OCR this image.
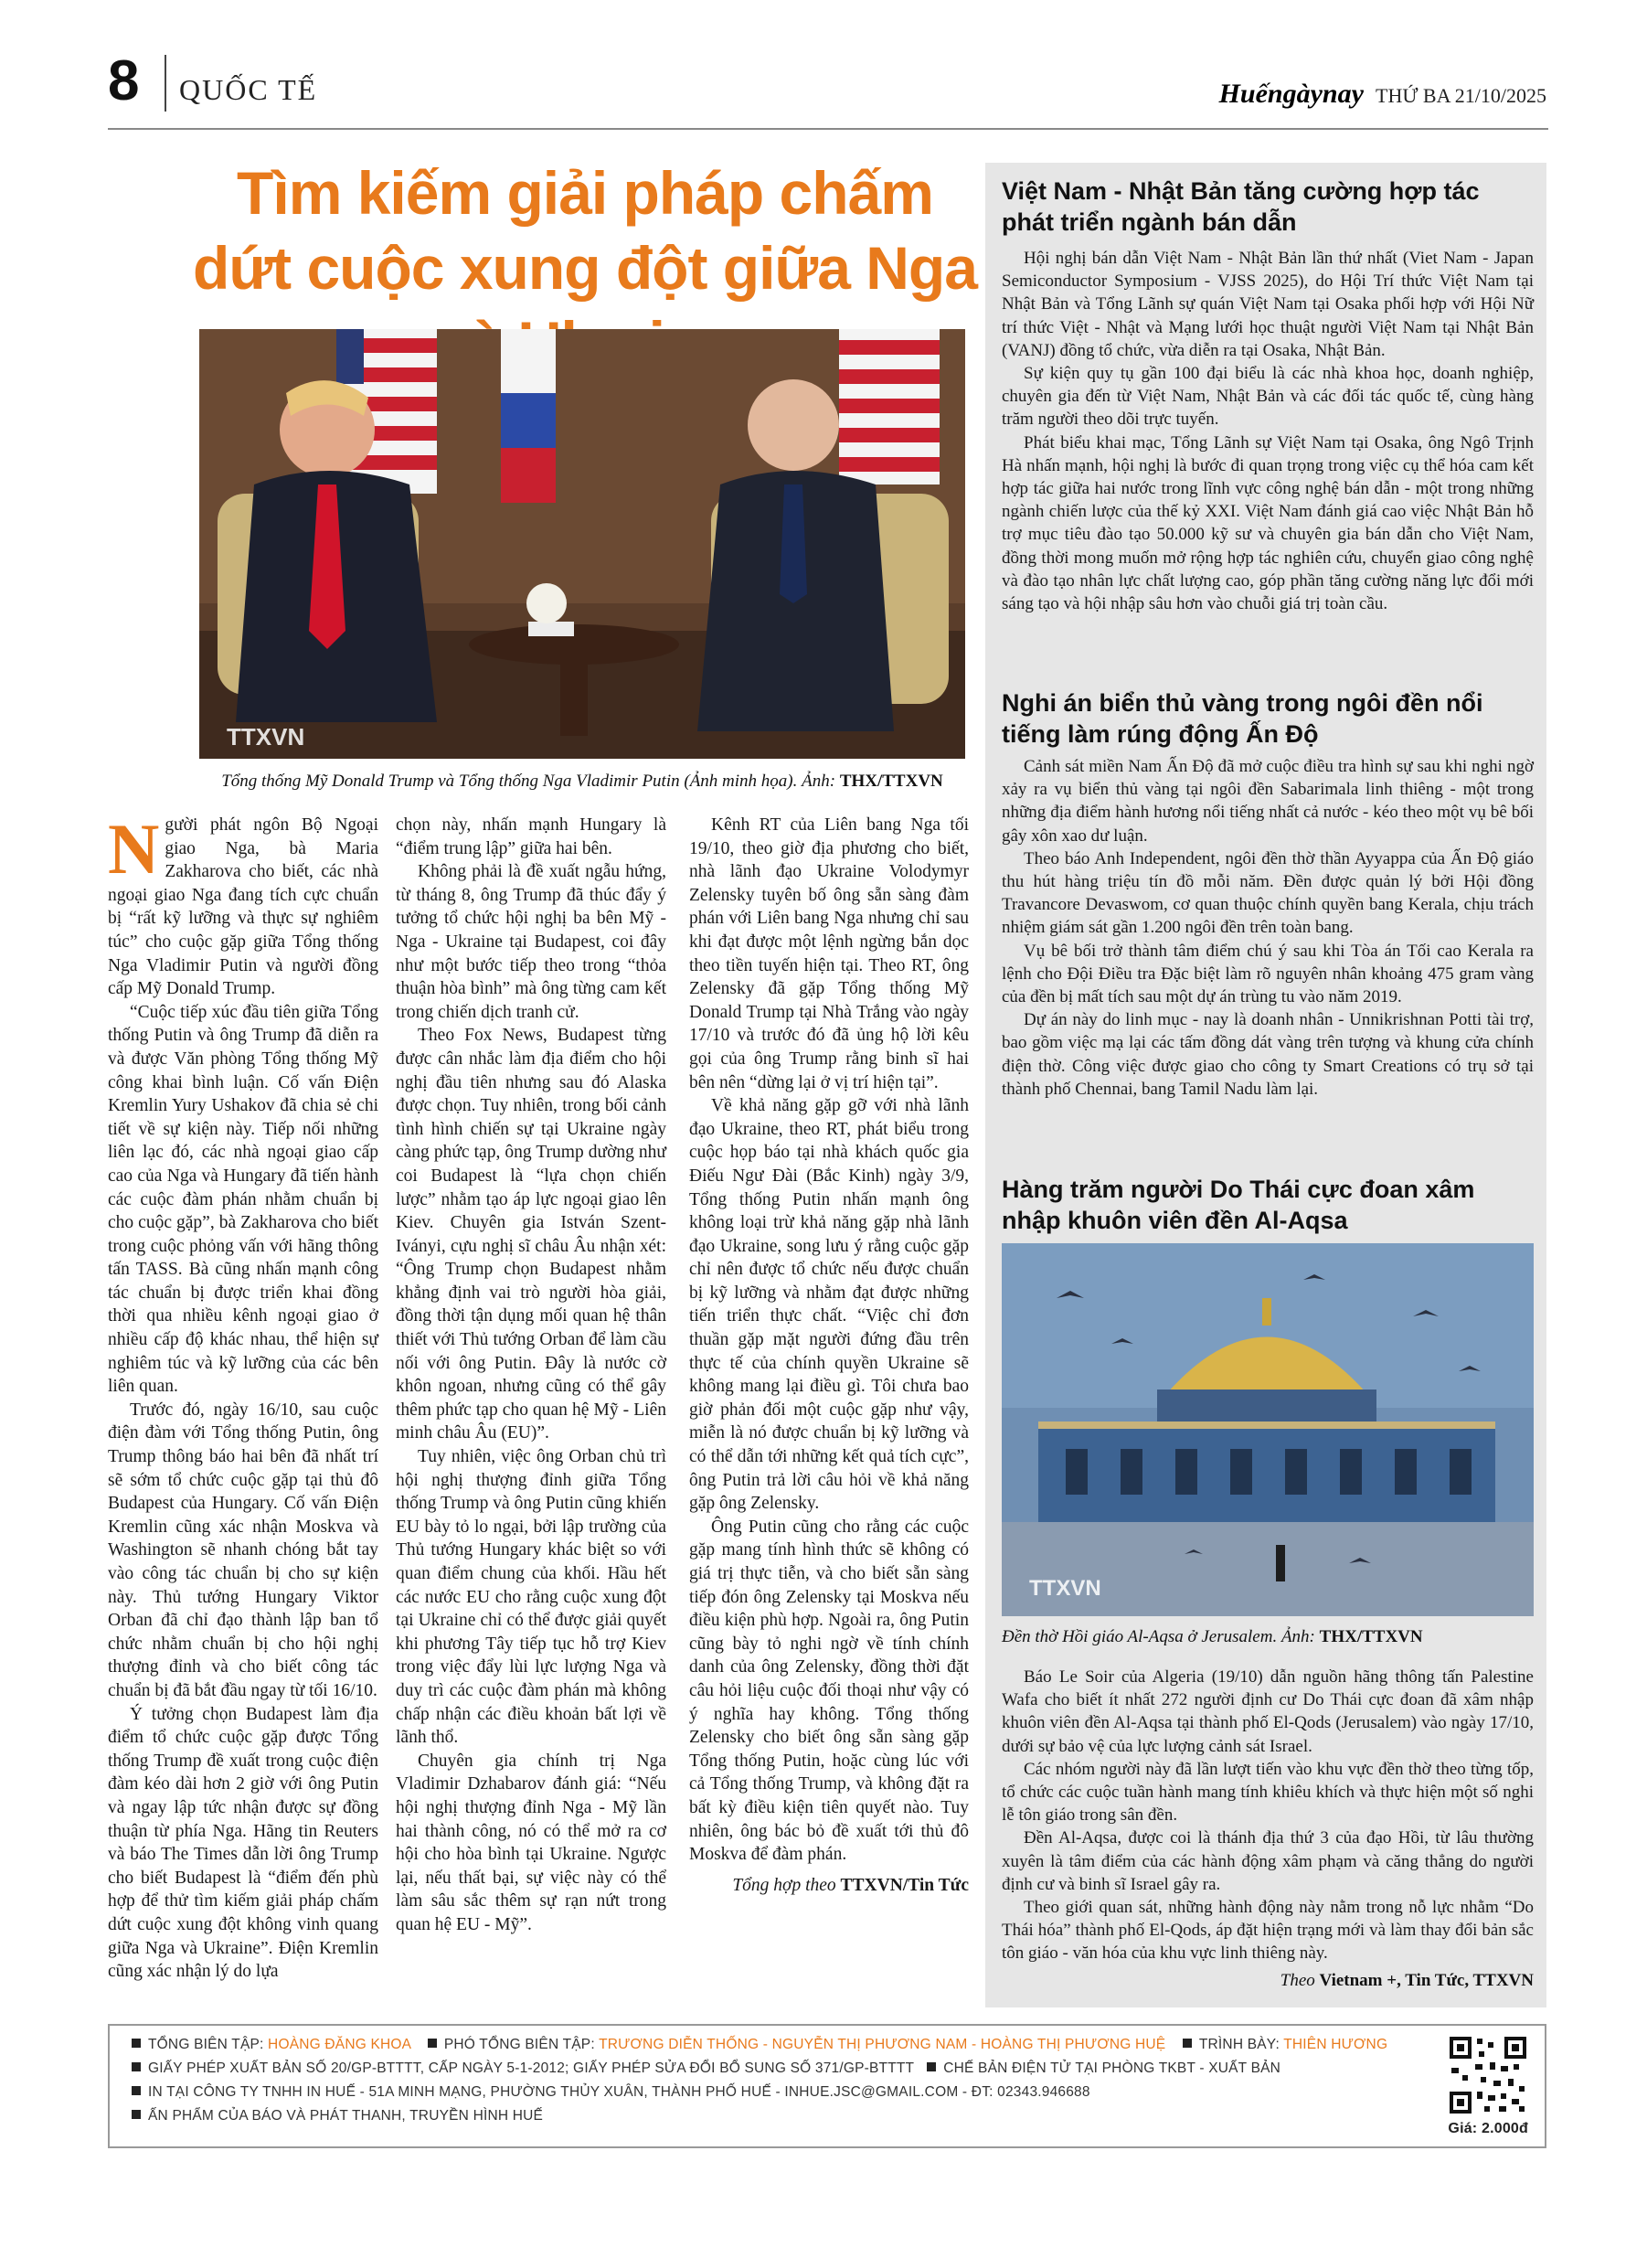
8 QUỐC TẾ	Huếngàynay THỨ BA 21/10/2025
Tìm kiếm giải pháp chấm dứt cuộc xung đột giữa Nga
TTXVN
Tổng thống Mỹ Donald Trump và Tổng thống Nga Vladimir Putin (Ảnh minh họa). Ảnh: THX/TTXVN

Người phát ngôn Bộ Ngoại giao Nga, bà Maria Zakharova cho biết, các nhà ngoại giao Nga đang tích cực chuẩn bị “rất kỹ lưỡng và thực sự nghiêm túc” cho cuộc gặp giữa Tổng thống Nga Vladimir Putin và người đồng cấp Mỹ Donald Trump.

“Cuộc tiếp xúc đầu tiên giữa Tổng thống Putin và ông Trump đã diễn ra và được Văn phòng Tổng thống Mỹ công khai bình luận. Cố vấn Điện Kremlin Yury Ushakov đã chia sẻ chi tiết về sự kiện này. Tiếp nối những liên lạc đó, các nhà ngoại giao cấp cao của Nga và Hungary đã tiến hành các cuộc đàm phán nhằm chuẩn bị cho cuộc gặp”, bà Zakharova cho biết trong cuộc phỏng vấn với hãng thông tấn TASS. Bà cũng nhấn mạnh công tác chuẩn bị được triển khai đồng thời qua nhiều kênh ngoại giao ở nhiều cấp độ khác nhau, thể hiện sự nghiêm túc và kỹ lưỡng của các bên liên quan.

Trước đó, ngày 16/10, sau cuộc điện đàm với Tổng thống Putin, ông Trump thông báo hai bên đã nhất trí sẽ sớm tổ chức cuộc gặp tại thủ đô Budapest của Hungary. Cố vấn Điện Kremlin cũng xác nhận Moskva và Washington sẽ nhanh chóng bắt tay vào công tác chuẩn bị cho sự kiện này. Thủ tướng Hungary Viktor Orban đã chỉ đạo thành lập ban tổ chức nhằm chuẩn bị cho hội nghị thượng đỉnh và cho biết công tác chuẩn bị đã bắt đầu ngay từ tối 16/10.

Ý tưởng chọn Budapest làm địa điểm tổ chức cuộc gặp được Tổng thống Trump đề xuất trong cuộc điện đàm kéo dài hơn 2 giờ với ông Putin và ngay lập tức nhận được sự đồng thuận từ phía Nga. Hãng tin Reuters và báo The Times dẫn lời ông Trump cho biết Budapest là “điểm đến phù hợp để thử tìm kiếm giải pháp chấm dứt cuộc xung đột không vinh quang giữa Nga và Ukraine”. Điện Kremlin cũng xác nhận lý do lựa

chọn này, nhấn mạnh Hungary là “điểm trung lập” giữa hai bên.

Không phải là đề xuất ngẫu hứng, từ tháng 8, ông Trump đã thúc đẩy ý tưởng tổ chức hội nghị ba bên Mỹ - Nga - Ukraine tại Budapest, coi đây như một bước tiếp theo trong “thỏa thuận hòa bình” mà ông từng cam kết trong chiến dịch tranh cử.

Theo Fox News, Budapest từng được cân nhắc làm địa điểm cho hội nghị đầu tiên nhưng sau đó Alaska được chọn. Tuy nhiên, trong bối cảnh tình hình chiến sự tại Ukraine ngày càng phức tạp, ông Trump dường như coi Budapest là “lựa chọn chiến lược” nhằm tạo áp lực ngoại giao lên Kiev. Chuyên gia István Szent-Iványi, cựu nghị sĩ châu Âu nhận xét: “Ông Trump chọn Budapest nhằm khẳng định vai trò người hòa giải, đồng thời tận dụng mối quan hệ thân thiết với Thủ tướng Orban để làm cầu nối với ông Putin. Đây là nước cờ khôn ngoan, nhưng cũng có thể gây thêm phức tạp cho quan hệ Mỹ - Liên minh châu Âu (EU)”.

Tuy nhiên, việc ông Orban chủ trì hội nghị thượng đỉnh giữa Tổng thống Trump và ông Putin cũng khiến EU bày tỏ lo ngại, bởi lập trường của Thủ tướng Hungary khác biệt so với quan điểm chung của khối. Hầu hết các nước EU cho rằng cuộc xung đột tại Ukraine chỉ có thể được giải quyết khi phương Tây tiếp tục hỗ trợ Kiev trong việc đẩy lùi lực lượng Nga và duy trì các cuộc đàm phán mà không chấp nhận các điều khoản bất lợi về lãnh thổ.

Chuyên gia chính trị Nga Vladimir Dzhabarov đánh giá: “Nếu hội nghị thượng đỉnh Nga - Mỹ lần hai thành công, nó có thể mở ra cơ hội cho hòa bình tại Ukraine. Ngược lại, nếu thất bại, sự việc này có thể làm sâu sắc thêm sự rạn nứt trong quan hệ EU - Mỹ”.

Kênh RT của Liên bang Nga tối 19/10, theo giờ địa phương cho biết, nhà lãnh đạo Ukraine Volodymyr Zelensky tuyên bố ông sẵn sàng đàm phán với Liên bang Nga nhưng chỉ sau khi đạt được một lệnh ngừng bắn dọc theo tiền tuyến hiện tại. Theo RT, ông Zelensky đã gặp Tổng thống Mỹ Donald Trump tại Nhà Trắng vào ngày 17/10 và trước đó đã ủng hộ lời kêu gọi của ông Trump rằng binh sĩ hai bên nên “dừng lại ở vị trí hiện tại”.

Về khả năng gặp gỡ với nhà lãnh đạo Ukraine, theo RT, phát biểu trong cuộc họp báo tại nhà khách quốc gia Điếu Ngư Đài (Bắc Kinh) ngày 3/9, Tổng thống Putin nhấn mạnh ông không loại trừ khả năng gặp nhà lãnh đạo Ukraine, song lưu ý rằng cuộc gặp chỉ nên được tổ chức nếu được chuẩn bị kỹ lưỡng và nhằm đạt được những tiến triển thực chất. “Việc chỉ đơn thuần gặp mặt người đứng đầu trên thực tế của chính quyền Ukraine sẽ không mang lại điều gì. Tôi chưa bao giờ phản đối một cuộc gặp như vậy, miễn là nó được chuẩn bị kỹ lưỡng và có thể dẫn tới những kết quả tích cực”, ông Putin trả lời câu hỏi về khả năng gặp ông Zelensky.

Ông Putin cũng cho rằng các cuộc gặp mang tính hình thức sẽ không có giá trị thực tiễn, và cho biết sẵn sàng tiếp đón ông Zelensky tại Moskva nếu điều kiện phù hợp. Ngoài ra, ông Putin cũng bày tỏ nghi ngờ về tính chính danh của ông Zelensky, đồng thời đặt câu hỏi liệu cuộc đối thoại như vậy có ý nghĩa hay không. Tổng thống Zelensky cho biết ông sẵn sàng gặp Tổng thống Putin, hoặc cùng lúc với cả Tổng thống Trump, và không đặt ra bất kỳ điều kiện tiên quyết nào. Tuy nhiên, ông bác bỏ đề xuất tới thủ đô Moskva để đàm phán.

Tổng hợp theo TTXVN/Tin Tức

Việt Nam - Nhật Bản tăng cường hợp tác phát triển ngành bán dẫn

Hội nghị bán dẫn Việt Nam - Nhật Bản lần thứ nhất (Viet Nam - Japan Semiconductor Symposium - VJSS 2025), do Hội Trí thức Việt Nam tại Nhật Bản và Tổng Lãnh sự quán Việt Nam tại Osaka phối hợp với Hội Nữ trí thức Việt - Nhật và Mạng lưới học thuật người Việt Nam tại Nhật Bản (VANJ) đồng tổ chức, vừa diễn ra tại Osaka, Nhật Bản.

Sự kiện quy tụ gần 100 đại biểu là các nhà khoa học, doanh nghiệp, chuyên gia đến từ Việt Nam, Nhật Bản và các đối tác quốc tế, cùng hàng trăm người theo dõi trực tuyến.

Phát biểu khai mạc, Tổng Lãnh sự Việt Nam tại Osaka, ông Ngô Trịnh Hà nhấn mạnh, hội nghị là bước đi quan trọng trong việc cụ thể hóa cam kết hợp tác giữa hai nước trong lĩnh vực công nghệ bán dẫn - một trong những ngành chiến lược của thế kỷ XXI. Việt Nam đánh giá cao việc Nhật Bản hỗ trợ mục tiêu đào tạo 50.000 kỹ sư và chuyên gia bán dẫn cho Việt Nam, đồng thời mong muốn mở rộng hợp tác nghiên cứu, chuyển giao công nghệ và đào tạo nhân lực chất lượng cao, góp phần tăng cường năng lực đổi mới sáng tạo và hội nhập sâu hơn vào chuỗi giá trị toàn cầu.

Nghi án biển thủ vàng trong ngôi đền nổi tiếng làm rúng động Ấn Độ

Cảnh sát miền Nam Ấn Độ đã mở cuộc điều tra hình sự sau khi nghi ngờ xảy ra vụ biển thủ vàng tại ngôi đền Sabarimala linh thiêng - một trong những địa điểm hành hương nổi tiếng nhất cả nước - kéo theo một vụ bê bối gây xôn xao dư luận.

Theo báo Anh Independent, ngôi đền thờ thần Ayyappa của Ấn Độ giáo thu hút hàng triệu tín đồ mỗi năm. Đền được quản lý bởi Hội đồng Travancore Devaswom, cơ quan thuộc chính quyền bang Kerala, chịu trách nhiệm giám sát gần 1.200 ngôi đền trên toàn bang.

Vụ bê bối trở thành tâm điểm chú ý sau khi Tòa án Tối cao Kerala ra lệnh cho Đội Điều tra Đặc biệt làm rõ nguyên nhân khoảng 475 gram vàng của đền bị mất tích sau một dự án trùng tu vào năm 2019.

Dự án này do linh mục - nay là doanh nhân - Unnikrishnan Potti tài trợ, bao gồm việc mạ lại các tấm đồng dát vàng trên tượng và khung cửa chính điện thờ. Công việc được giao cho công ty Smart Creations có trụ sở tại thành phố Chennai, bang Tamil Nadu làm lại.

Hàng trăm người Do Thái cực đoan xâm nhập khuôn viên đền Al-Aqsa
TTXVN
Đền thờ Hồi giáo Al-Aqsa ở Jerusalem. Ảnh: THX/TTXVN

Báo Le Soir của Algeria (19/10) dẫn nguồn hãng thông tấn Palestine Wafa cho biết ít nhất 272 người định cư Do Thái cực đoan đã xâm nhập khuôn viên đền Al-Aqsa tại thành phố El-Qods (Jerusalem) vào ngày 17/10, dưới sự bảo vệ của lực lượng cảnh sát Israel.

Các nhóm người này đã lần lượt tiến vào khu vực đền thờ theo từng tốp, tổ chức các cuộc tuần hành mang tính khiêu khích và thực hiện một số nghi lễ tôn giáo trong sân đền.

Đền Al-Aqsa, được coi là thánh địa thứ 3 của đạo Hồi, từ lâu thường xuyên là tâm điểm của các hành động xâm phạm và căng thẳng do người định cư và binh sĩ Israel gây ra.

Theo giới quan sát, những hành động này nằm trong nỗ lực nhằm “Do Thái hóa” thành phố El-Qods, áp đặt hiện trạng mới và làm thay đổi bản sắc tôn giáo - văn hóa của khu vực linh thiêng này.

Theo Vietnam +, Tin Tức, TTXVN
TỔNG BIÊN TẬP: HOÀNG ĐĂNG KHOA PHÓ TỔNG BIÊN TẬP: TRƯƠNG DIỄN THỐNG - NGUYỄN THỊ PHƯƠNG NAM - HOÀNG THỊ PHƯƠNG HUỆ TRÌNH BÀY: THIÊN HƯƠNG
GIẤY PHÉP XUẤT BẢN SỐ 20/GP-BTTTT, CẤP NGÀY 5-1-2012; GIẤY PHÉP SỬA ĐỔI BỔ SUNG SỐ 371/GP-BTTTT CHẾ BẢN ĐIỆN TỬ TẠI PHÒNG TKBT - XUẤT BẢN
IN TẠI CÔNG TY TNHH IN HUẾ - 51A MINH MẠNG, PHƯỜNG THỦY XUÂN, THÀNH PHỐ HUẾ - INHUE.JSC@GMAIL.COM - ĐT: 02343.946688
ẤN PHẨM CỦA BÁO VÀ PHÁT THANH, TRUYỀN HÌNH HUẾ
Giá: 2.000đ
